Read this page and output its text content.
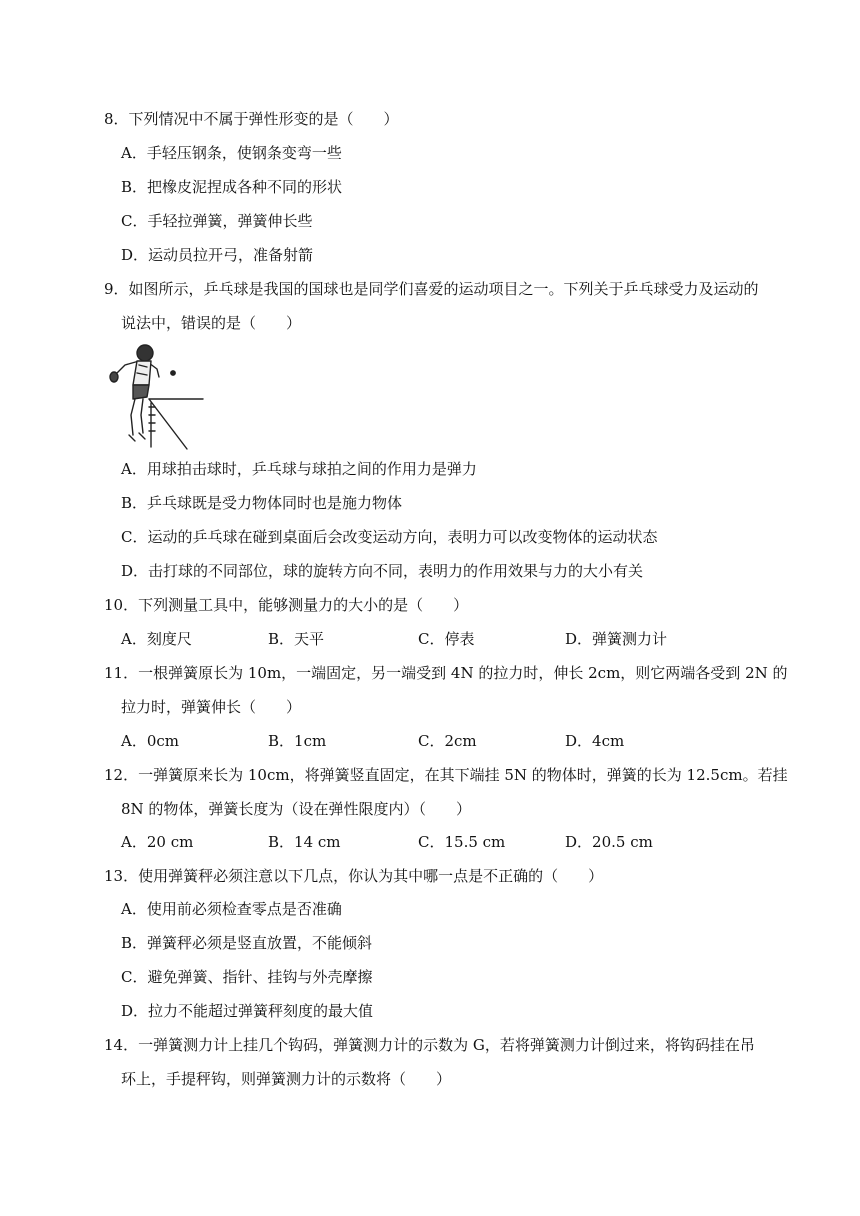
8．下列情况中不属于弹性形变的是（　　）
A．手轻压钢条，使钢条变弯一些
B．把橡皮泥捏成各种不同的形状
C．手轻拉弹簧，弹簧伸长些
D．运动员拉开弓，准备射箭
9．如图所示，乒乓球是我国的国球也是同学们喜爱的运动项目之一。下列关于乒乓球受力及运动的
说法中，错误的是（　　）
A．用球拍击球时，乒乓球与球拍之间的作用力是弹力
B．乒乓球既是受力物体同时也是施力物体
C．运动的乒乓球在碰到桌面后会改变运动方向，表明力可以改变物体的运动状态
D．击打球的不同部位，球的旋转方向不同，表明力的作用效果与力的大小有关
10．下列测量工具中，能够测量力的大小的是（　　）
A．刻度尺	B．天平	C．停表	D．弹簧测力计
11．一根弹簧原长为 10m，一端固定，另一端受到 4N 的拉力时，伸长 2cm，则它两端各受到 2N 的
拉力时，弹簧伸长（　　）
A．0cm	B．1cm	C．2cm	D．4cm
12．一弹簧原来长为 10cm，将弹簧竖直固定，在其下端挂 5N 的物体时，弹簧的长为 12.5cm。若挂
8N 的物体，弹簧长度为（设在弹性限度内）（　　）
A．20 cm	B．14 cm	C．15.5 cm	D．20.5 cm
13．使用弹簧秤必须注意以下几点，你认为其中哪一点是不正确的（　　）
A．使用前必须检查零点是否准确
B．弹簧秤必须是竖直放置，不能倾斜
C．避免弹簧、指针、挂钩与外壳摩擦
D．拉力不能超过弹簧秤刻度的最大值
14．一弹簧测力计上挂几个钩码，弹簧测力计的示数为 G，若将弹簧测力计倒过来，将钩码挂在吊
环上，手提秤钩，则弹簧测力计的示数将（　　）
